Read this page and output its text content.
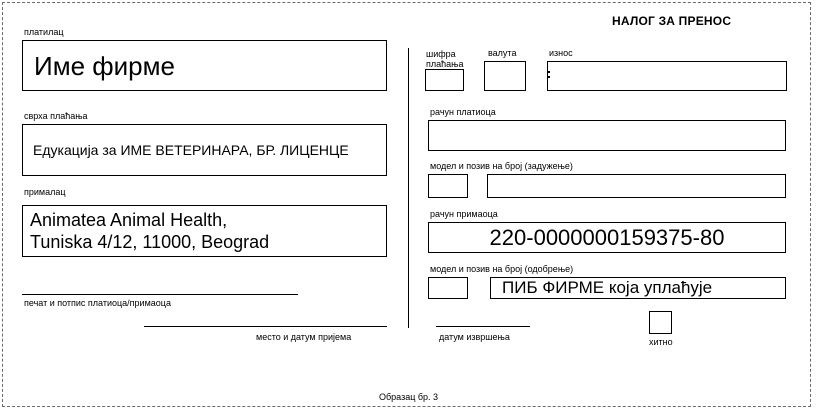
НАЛОГ ЗА ПРЕНОС
платилац
Име фирме
сврха плаћања
Едукација за ИМЕ ВЕТЕРИНАРА, БР. ЛИЦЕНЦЕ
прималац
Animatea Animal Health,
Tuniska 4/12, 11000, Beograd
печат и потпис платиоца/примаоца
место и датум пријема
шифра плаћања
валута	износ
рачун платиоца
модел и позив на број (задужење)
рачун примаоца
220-0000000159375-80
модел и позив на број (одобрење)
ПИБ ФИРМЕ која уплаћује
датум извршења	хитно
Образац бр. 3
